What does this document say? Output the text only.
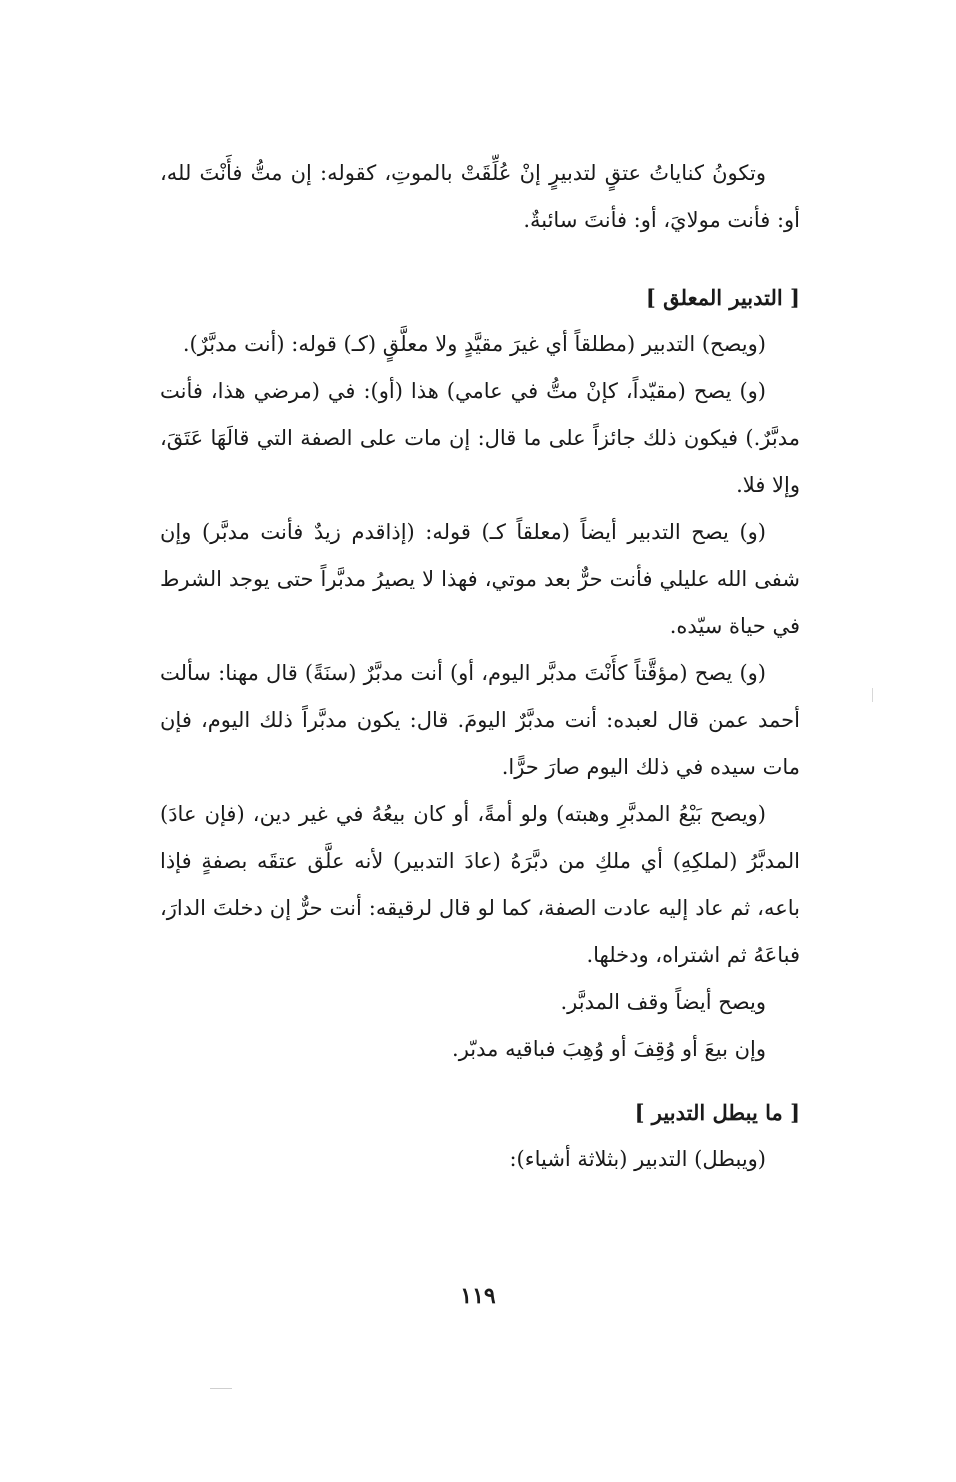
وتكونُ كناياتُ عتقٍ لتدبيرٍ إنْ عُلِّقَتْ بالموتِ، كقوله: إن متُّ فأَنْتَ لله، أو: فأنت مولايَ، أو: فأنتَ سائبةٌ.

[ التدبير المعلق ]

(ويصح) التدبير (مطلقاً أي غيرَ مقيَّدٍ ولا معلَّقٍ (كـ) قوله: (أنت مدبَّرٌ).

(و) يصح (مقيّداً، كإنْ متُّ في عامي) هذا (أو): في (مرضي هذا، فأنت مدبَّرٌ.) فيكون ذلك جائزاً على ما قال: إن مات على الصفة التي قالَهَا عَتَقَ، وإلا فلا.

(و) يصح التدبير أيضاً (معلقاً كـ) قوله: (إذاقدم زيدٌ فأنت مدبَّر) وإن شفى الله عليلي فأنت حرٌّ بعد موتي، فهذا لا يصيرُ مدبَّراً حتى يوجد الشرط في حياة سيّده.

(و) يصح (مؤقَّتاً كأَنْتَ مدبَّر اليوم، أو) أنت مدبَّرٌ (سنَةً) قال مهنا: سألت أحمد عمن قال لعبده: أنت مدبَّرٌ اليومَ. قال: يكون مدبَّراً ذلك اليوم، فإن مات سيده في ذلك اليوم صارَ حرًّا.

(ويصح بَيْعُ المدبَّرِ وهبته) ولو أمةً، أو كان بيعُهُ في غير دين، (فإن عادَ) المدبَّرُ (لملكِهِ) أي ملكِ من دبَّرَهُ (عادَ التدبير) لأنه علَّق عتقَه بصفةٍ فإذا باعه، ثم عاد إليه عادت الصفة، كما لو قال لرقيقه: أنت حرٌّ إن دخلتَ الدارَ، فباعَهُ ثم اشتراه، ودخلها.

ويصح أيضاً وقف المدبَّر.

وإن بيعَ أو وُقِفَ أو وُهِبَ فباقيه مدبّر.

[ ما يبطل التدبير ]

(ويبطل) التدبير (بثلاثة أشياء):

١١٩
